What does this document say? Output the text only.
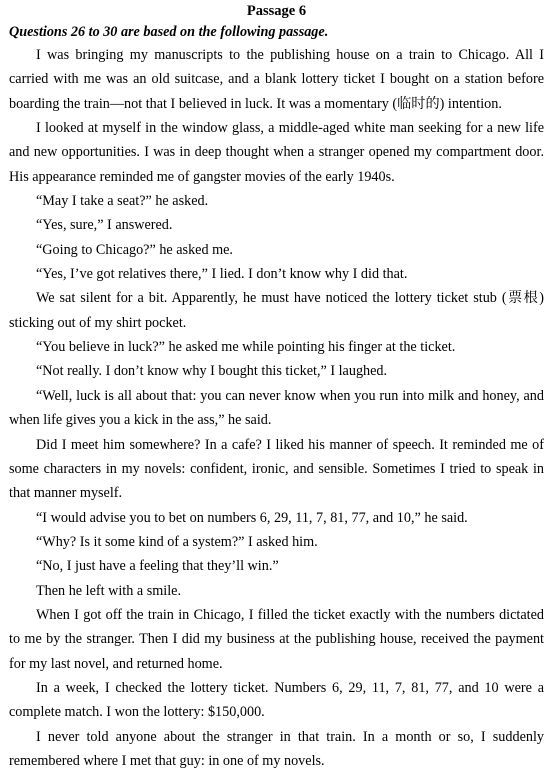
Passage 6
Questions 26 to 30 are based on the following passage.

I was bringing my manuscripts to the publishing house on a train to Chicago. All I carried with me was an old suitcase, and a blank lottery ticket I bought on a station before boarding the train—not that I believed in luck. It was a momentary (临时的) intention.

I looked at myself in the window glass, a middle-aged white man seeking for a new life and new opportunities. I was in deep thought when a stranger opened my compartment door. His appearance reminded me of gangster movies of the early 1940s.

“May I take a seat?” he asked.

“Yes, sure,” I answered.

“Going to Chicago?” he asked me.

“Yes, I’ve got relatives there,” I lied. I don’t know why I did that.

We sat silent for a bit. Apparently, he must have noticed the lottery ticket stub (票根) sticking out of my shirt pocket.

“You believe in luck?” he asked me while pointing his finger at the ticket.

“Not really. I don’t know why I bought this ticket,” I laughed.

“Well, luck is all about that: you can never know when you run into milk and honey, and when life gives you a kick in the ass,” he said.

Did I meet him somewhere? In a cafe? I liked his manner of speech. It reminded me of some characters in my novels: confident, ironic, and sensible. Sometimes I tried to speak in that manner myself.

“I would advise you to bet on numbers 6, 29, 11, 7, 81, 77, and 10,” he said.

“Why? Is it some kind of a system?” I asked him.

“No, I just have a feeling that they’ll win.”

Then he left with a smile.

When I got off the train in Chicago, I filled the ticket exactly with the numbers dictated to me by the stranger. Then I did my business at the publishing house, received the payment for my last novel, and returned home.

In a week, I checked the lottery ticket. Numbers 6, 29, 11, 7, 81, 77, and 10 were a complete match. I won the lottery: $150,000.

I never told anyone about the stranger in that train. In a month or so, I suddenly remembered where I met that guy: in one of my novels.
